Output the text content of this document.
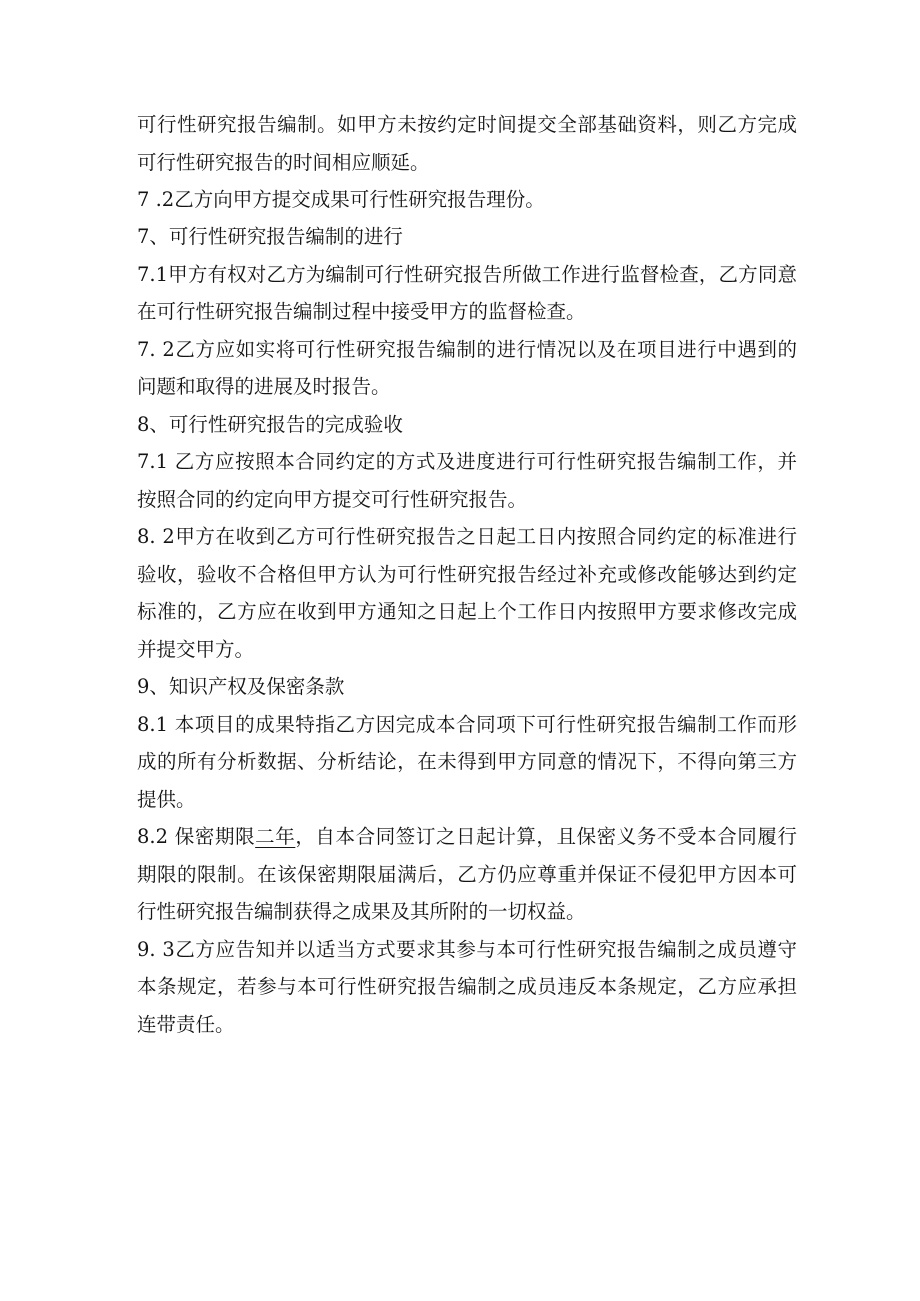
可行性研究报告编制。如甲方未按约定时间提交全部基础资料，则乙方完成可行性研究报告的时间相应顺延。

7 .2乙方向甲方提交成果可行性研究报告理份。

7、可行性研究报告编制的进行

7.1甲方有权对乙方为编制可行性研究报告所做工作进行监督检查，乙方同意在可行性研究报告编制过程中接受甲方的监督检查。

7. 2乙方应如实将可行性研究报告编制的进行情况以及在项目进行中遇到的问题和取得的进展及时报告。

8、可行性研究报告的完成验收

7.1 乙方应按照本合同约定的方式及进度进行可行性研究报告编制工作，并按照合同的约定向甲方提交可行性研究报告。

8. 2甲方在收到乙方可行性研究报告之日起工日内按照合同约定的标准进行验收，验收不合格但甲方认为可行性研究报告经过补充或修改能够达到约定标准的，乙方应在收到甲方通知之日起上个工作日内按照甲方要求修改完成并提交甲方。

9、知识产权及保密条款

8.1 本项目的成果特指乙方因完成本合同项下可行性研究报告编制工作而形成的所有分析数据、分析结论，在未得到甲方同意的情况下，不得向第三方提供。

8.2 保密期限二年，自本合同签订之日起计算，且保密义务不受本合同履行期限的限制。在该保密期限届满后，乙方仍应尊重并保证不侵犯甲方因本可行性研究报告编制获得之成果及其所附的一切权益。

9. 3乙方应告知并以适当方式要求其参与本可行性研究报告编制之成员遵守本条规定，若参与本可行性研究报告编制之成员违反本条规定，乙方应承担连带责任。
